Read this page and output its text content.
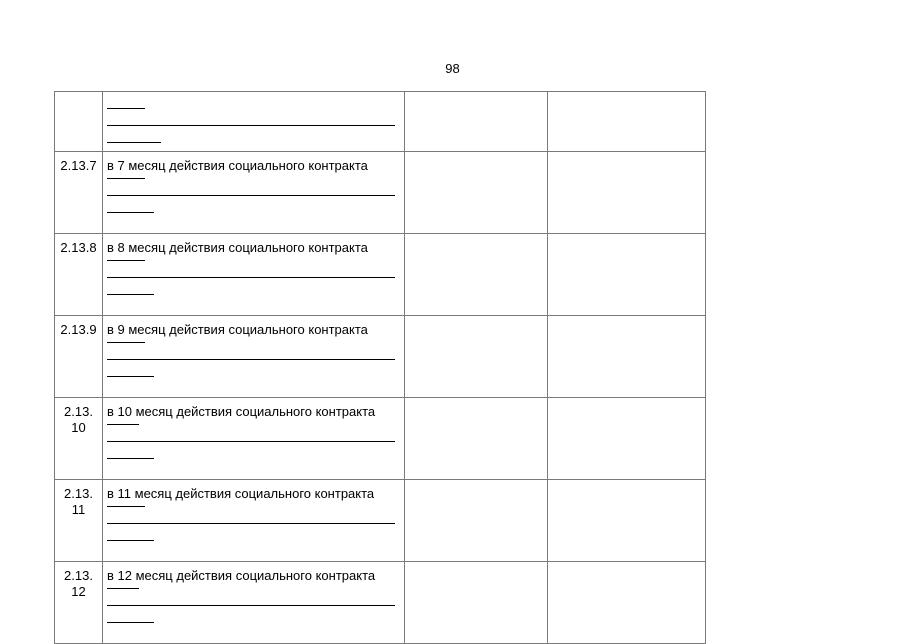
98

2.13.7	в 7 месяц действия социального контракта		

2.13.8	в 8 месяц действия социального контракта		

2.13.9	в 9 месяц действия социального контракта		

2.13.10	в 10 месяц действия социального контракта		

2.13.11	в 11 месяц действия социального контракта		

2.13.12	в 12 месяц действия социального контракта		
